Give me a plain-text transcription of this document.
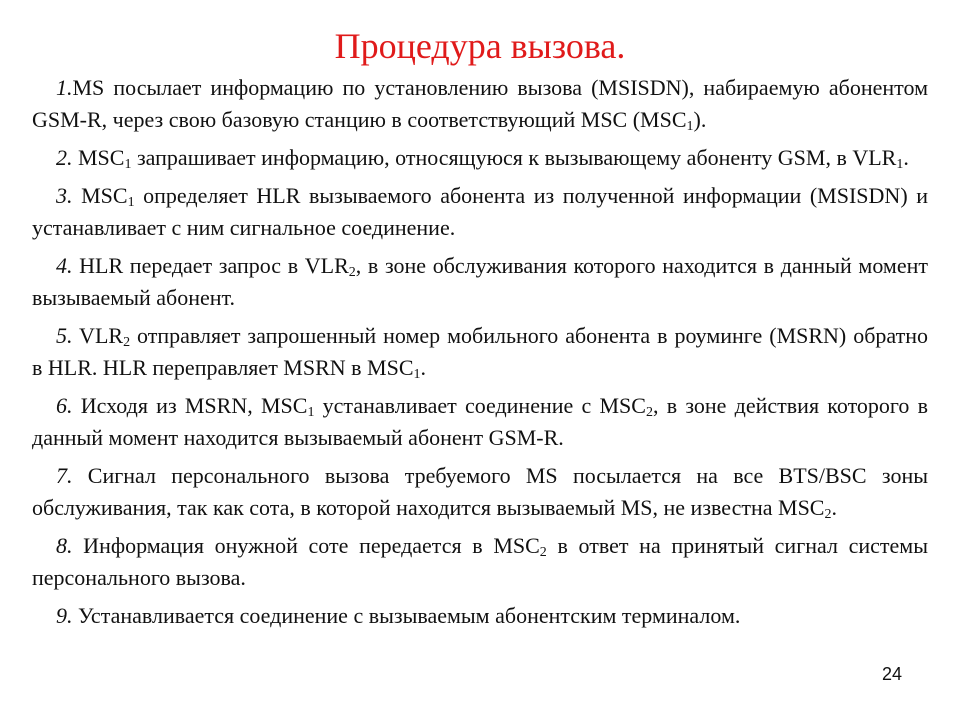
Процедура вызова.

1.MS посылает информацию по установлению вызова (MSISDN), набираемую абонентом GSM-R, через свою базовую станцию в соответствующий MSC $(MSC_1)$.

2. $MSC_1$ запрашивает информацию, относящуюся к вызывающему абоненту GSM, в $VLR_1$.

3. $MSC_1$ определяет HLR вызываемого абонента из полученной информации (MSISDN) и устанавливает с ним сигнальное соединение.

4. HLR передает запрос в $VLR_2$, в зоне обслуживания которого находится в данный момент вызываемый абонент.

5. $VLR_2$ отправляет запрошенный номер мобильного абонента в роуминге (MSRN) обратно в HLR. HLR переправляет MSRN в $MSC_1$.

6. Исходя из MSRN, $MSC_1$ устанавливает соединение с $MSC_2$, в зоне действия которого в данный момент находится вызываемый абонент GSM-R.

7. Сигнал персонального вызова требуемого MS посылается на все BTS/BSC зоны обслуживания, так как сота, в которой находится вызываемый MS, не известна $MSC_2$.

8. Информация онужной соте передается в $MSC_2$ в ответ на принятый сигнал системы персонального вызова.

9. Устанавливается соединение с вызываемым абонентским терминалом.

24
